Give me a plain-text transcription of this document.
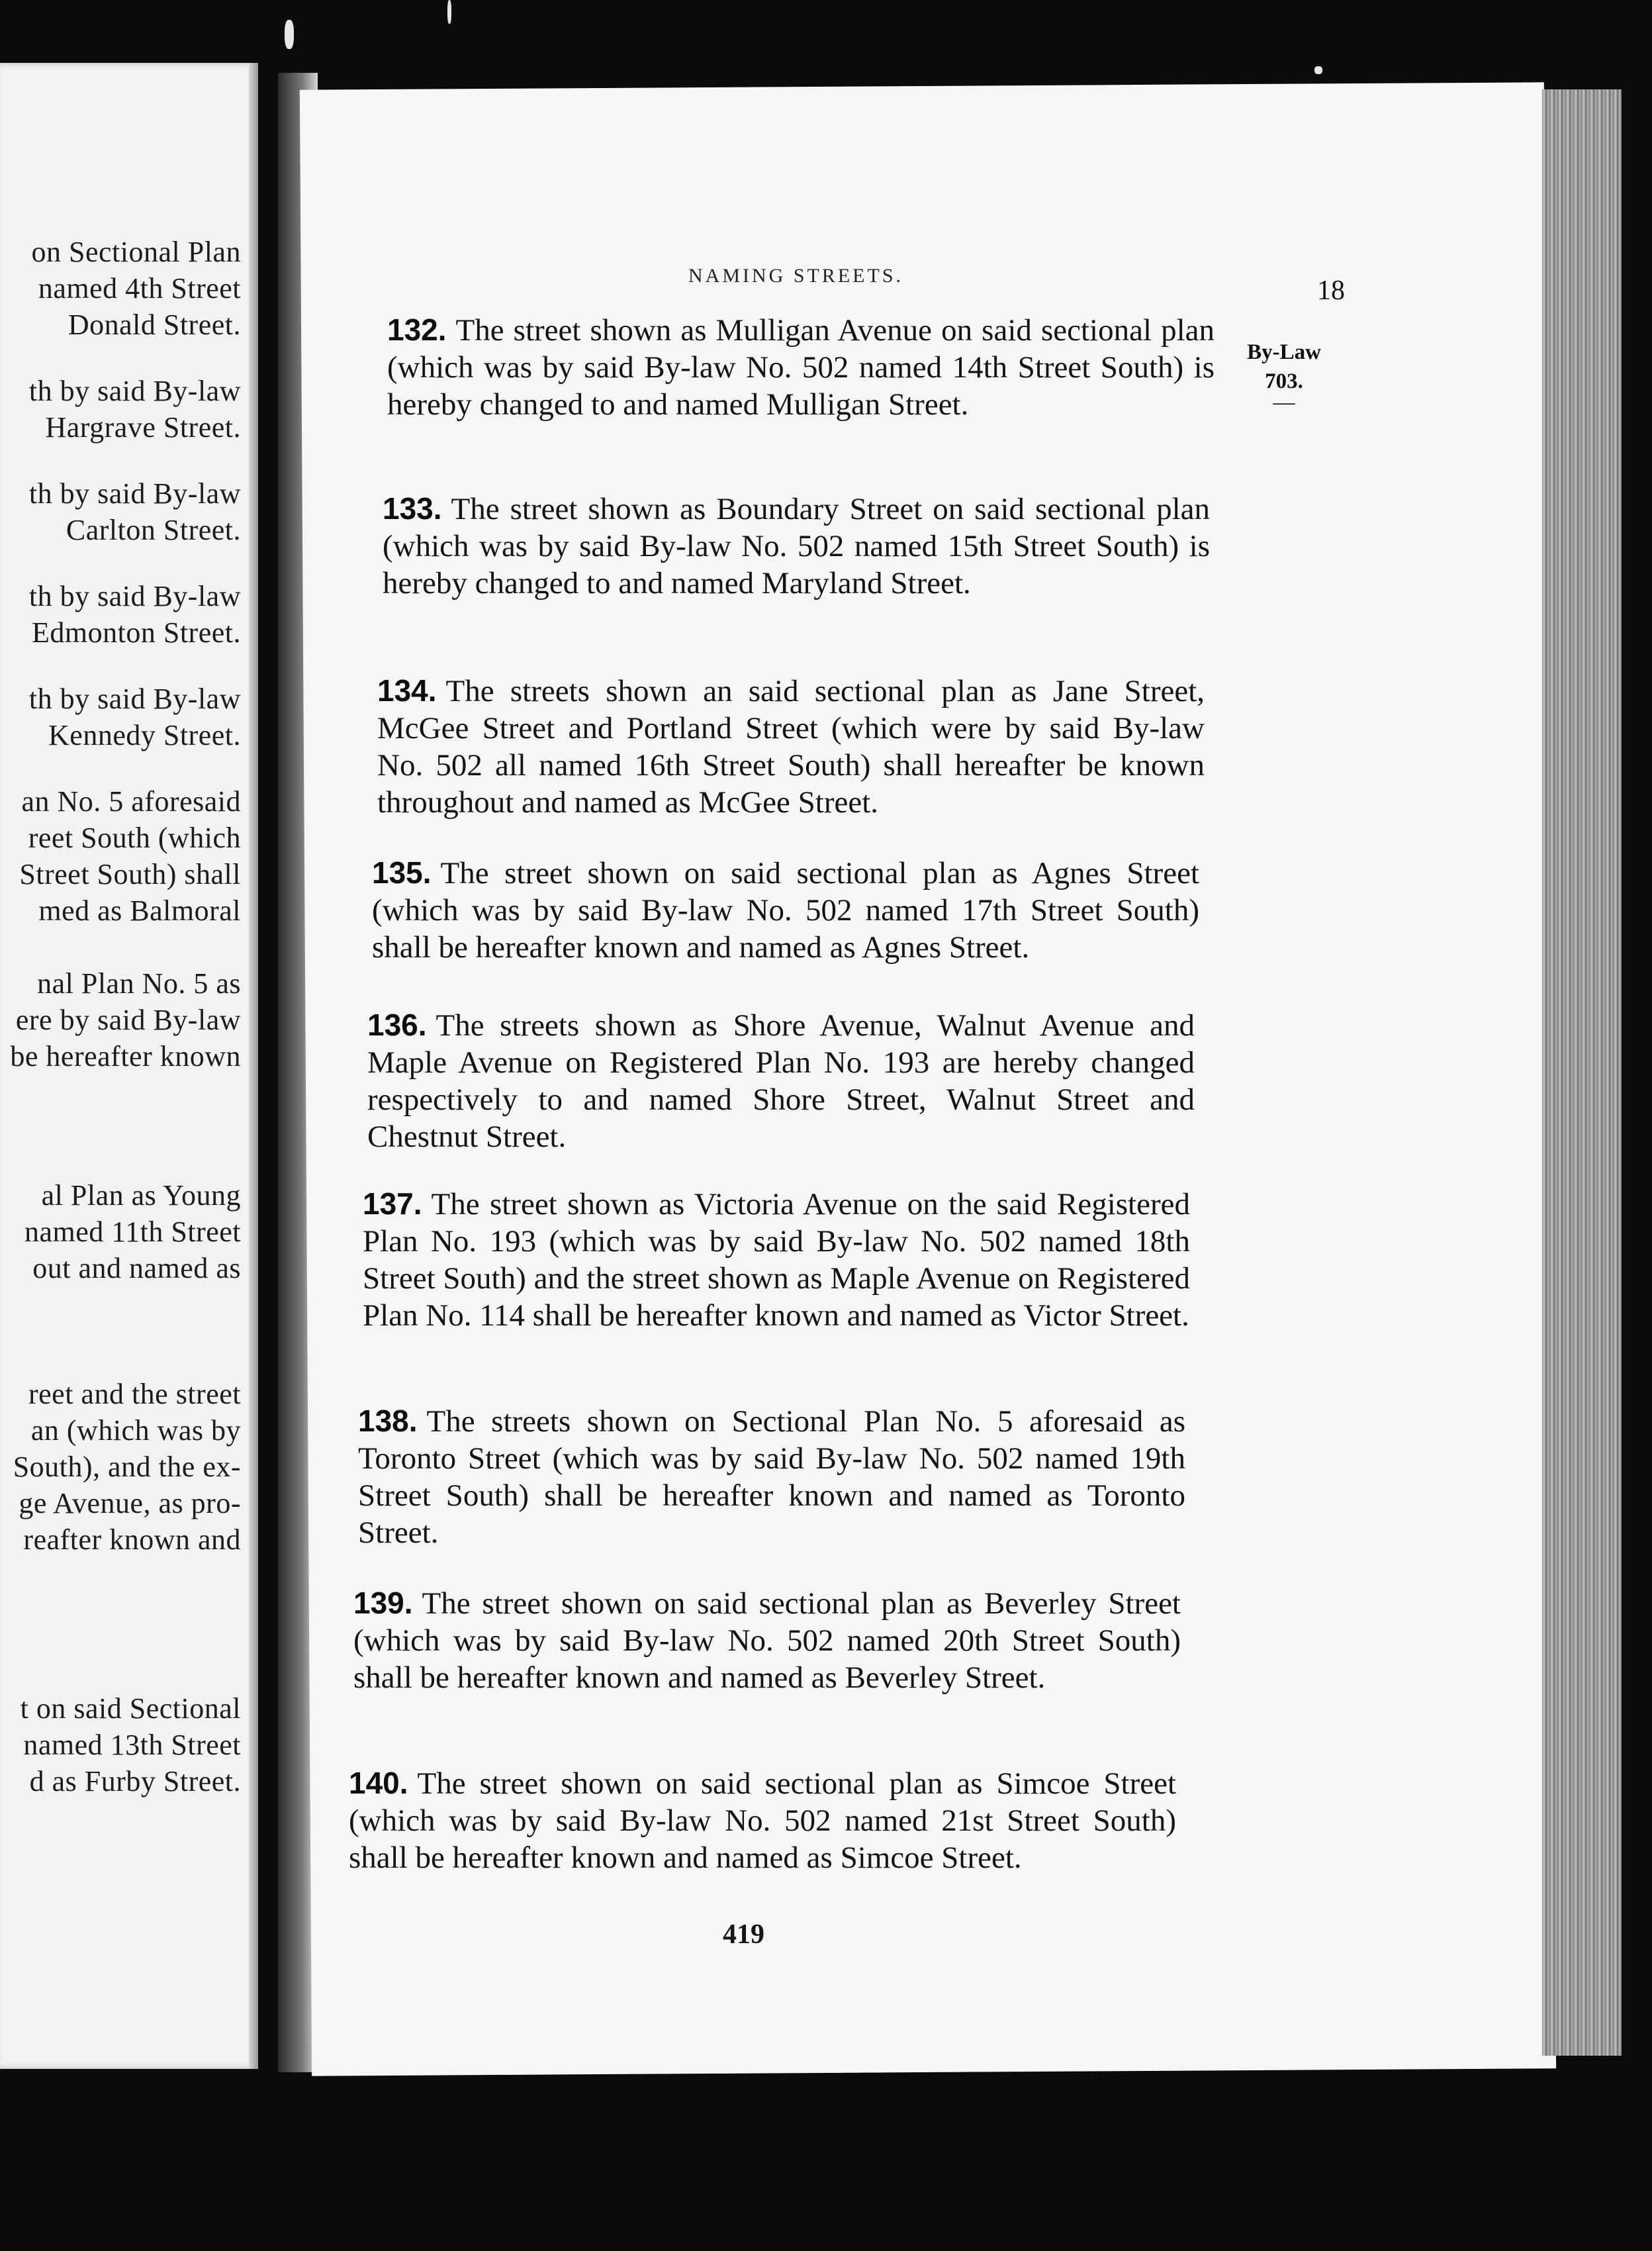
on Sectional Plan
named 4th Street
Donald Street.
th by said By-law
Hargrave Street.
th by said By-law
Carlton Street.
th by said By-law
Edmonton Street.
th by said By-law
Kennedy Street.
an No. 5 aforesaid
reet South (which
Street South) shall
med as Balmoral
nal Plan No. 5 as
ere by said By-law
be hereafter known
al Plan as Young
named 11th Street
out and named as
reet and the street
an (which was by
South), and the ex-
ge Avenue, as pro-
reafter known and
t on said Sectional
named 13th Street
d as Furby Street.
NAMING STREETS.	18
By-Law
703.
—

132. The street shown as Mulligan Avenue on said sectional plan (which was by said By-law No. 502 named 14th Street South) is hereby changed to and named Mulligan Street.

133. The street shown as Boundary Street on said sectional plan (which was by said By-law No. 502 named 15th Street South) is hereby changed to and named Maryland Street.

134. The streets shown an said sectional plan as Jane Street, McGee Street and Portland Street (which were by said By-law No. 502 all named 16th Street South) shall hereafter be known throughout and named as McGee Street.

135. The street shown on said sectional plan as Agnes Street (which was by said By-law No. 502 named 17th Street South) shall be hereafter known and named as Agnes Street.

136. The streets shown as Shore Avenue, Walnut Avenue and Maple Avenue on Registered Plan No. 193 are hereby changed respectively to and named Shore Street, Walnut Street and Chestnut Street.

137. The street shown as Victoria Avenue on the said Registered Plan No. 193 (which was by said By-law No. 502 named 18th Street South) and the street shown as Maple Avenue on Registered Plan No. 114 shall be hereafter known and named as Victor Street.

138. The streets shown on Sectional Plan No. 5 aforesaid as Toronto Street (which was by said By-law No. 502 named 19th Street South) shall be hereafter known and named as Toronto Street.

139. The street shown on said sectional plan as Beverley Street (which was by said By-law No. 502 named 20th Street South) shall be hereafter known and named as Beverley Street.

140. The street shown on said sectional plan as Simcoe Street (which was by said By-law No. 502 named 21st Street South) shall be hereafter known and named as Simcoe Street.

419
